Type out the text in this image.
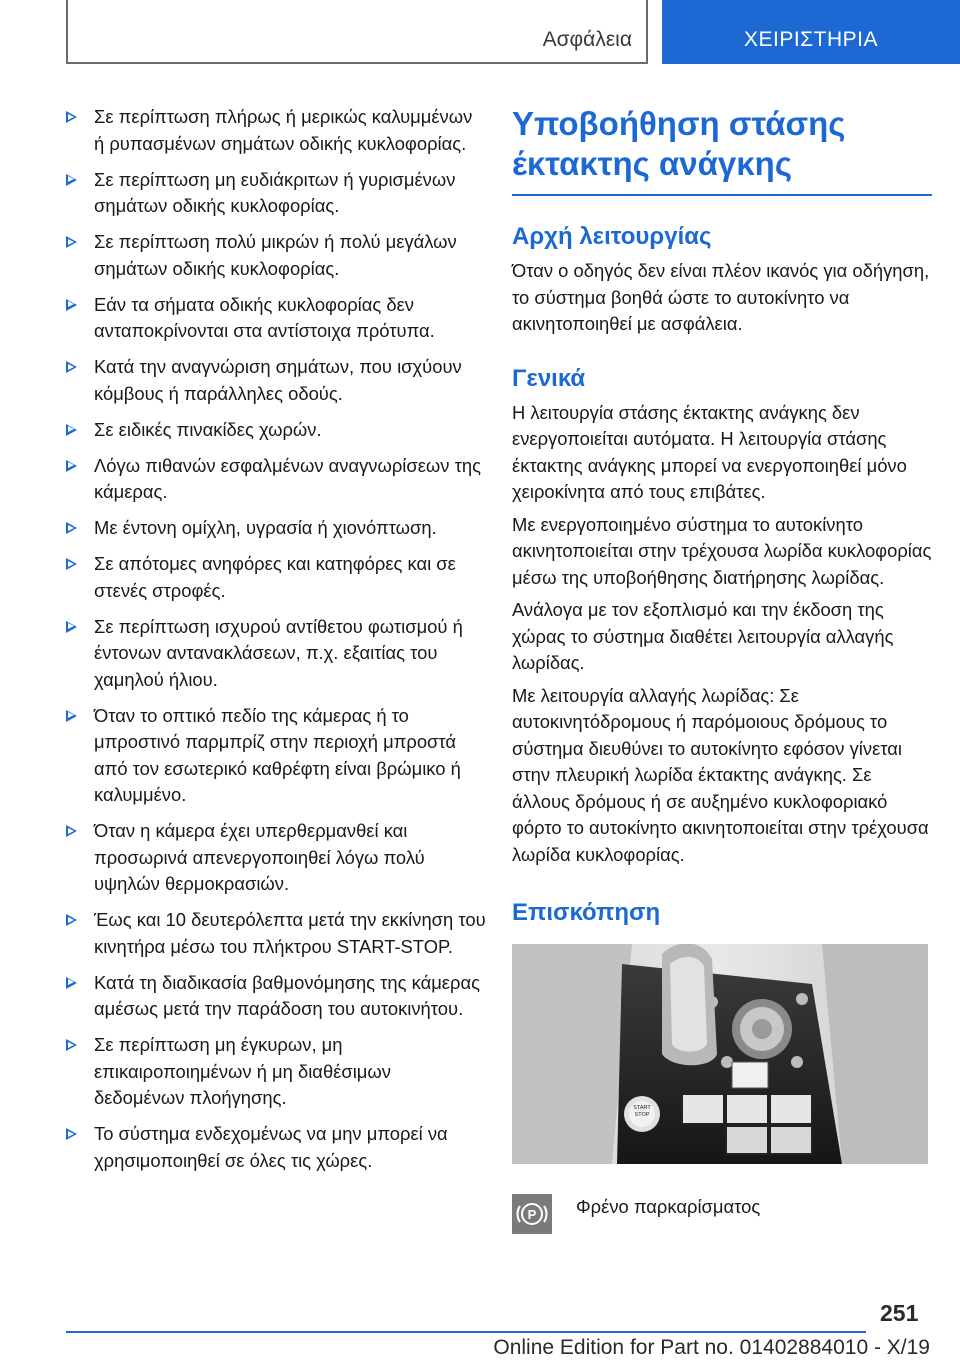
Ασφάλεια	ΧΕΙΡΙΣΤΗΡΙΑ
Σε περίπτωση πλήρως ή μερικώς καλυμμένων ή ρυπασμένων σημάτων οδικής κυκλοφορίας.
Σε περίπτωση μη ευδιάκριτων ή γυρισμένων σημάτων οδικής κυκλοφορίας.
Σε περίπτωση πολύ μικρών ή πολύ μεγάλων σημάτων οδικής κυκλοφορίας.
Εάν τα σήματα οδικής κυκλοφορίας δεν ανταποκρίνονται στα αντίστοιχα πρότυπα.
Κατά την αναγνώριση σημάτων, που ισχύουν κόμβους ή παράλληλες οδούς.
Σε ειδικές πινακίδες χωρών.
Λόγω πιθανών εσφαλμένων αναγνωρίσεων της κάμερας.
Με έντονη ομίχλη, υγρασία ή χιονόπτωση.
Σε απότομες ανηφόρες και κατηφόρες και σε στενές στροφές.
Σε περίπτωση ισχυρού αντίθετου φωτισμού ή έντονων αντανακλάσεων, π.χ. εξαιτίας του χαμηλού ήλιου.
Όταν το οπτικό πεδίο της κάμερας ή το μπροστινό παρμπρίζ στην περιοχή μπροστά από τον εσωτερικό καθρέφτη είναι βρώμικο ή καλυμμένο.
Όταν η κάμερα έχει υπερθερμανθεί και προσωρινά απενεργοποιηθεί λόγω πολύ υψηλών θερμοκρασιών.
Έως και 10 δευτερόλεπτα μετά την εκκίνηση του κινητήρα μέσω του πλήκτρου START-STOP.
Κατά τη διαδικασία βαθμονόμησης της κάμερας αμέσως μετά την παράδοση του αυτοκινήτου.
Σε περίπτωση μη έγκυρων, μη επικαιροποιημένων ή μη διαθέσιμων δεδομένων πλοήγησης.
Το σύστημα ενδεχομένως να μην μπορεί να χρησιμοποιηθεί σε όλες τις χώρες.
Υποβοήθηση στάσης έκτακτης ανάγκης
Αρχή λειτουργίας
Όταν ο οδηγός δεν είναι πλέον ικανός για οδήγηση, το σύστημα βοηθά ώστε το αυτοκίνητο να ακινητοποιηθεί με ασφάλεια.
Γενικά
Η λειτουργία στάσης έκτακτης ανάγκης δεν ενεργοποιείται αυτόματα. Η λειτουργία στάσης έκτακτης ανάγκης μπορεί να ενεργοποιηθεί μόνο χειροκίνητα από τους επιβάτες.
Με ενεργοποιημένο σύστημα το αυτοκίνητο ακινητοποιείται στην τρέχουσα λωρίδα κυκλοφορίας μέσω της υποβοήθησης διατήρησης λωρίδας.
Ανάλογα με τον εξοπλισμό και την έκδοση της χώρας το σύστημα διαθέτει λειτουργία αλλαγής λωρίδας.
Με λειτουργία αλλαγής λωρίδας: Σε αυτοκινητόδρομους ή παρόμοιους δρόμους το σύστημα διευθύνει το αυτοκίνητο εφόσον γίνεται στην πλευρική λωρίδα έκτακτης ανάγκης. Σε άλλους δρόμους ή σε αυξημένο κυκλοφοριακό φόρτο το αυτοκίνητο ακινητοποιείται στην τρέχουσα λωρίδα κυκλοφορίας.
Επισκόπηση
START STOP
P Φρένο παρκαρίσματος
251
Online Edition for Part no. 01402884010 - X/19
